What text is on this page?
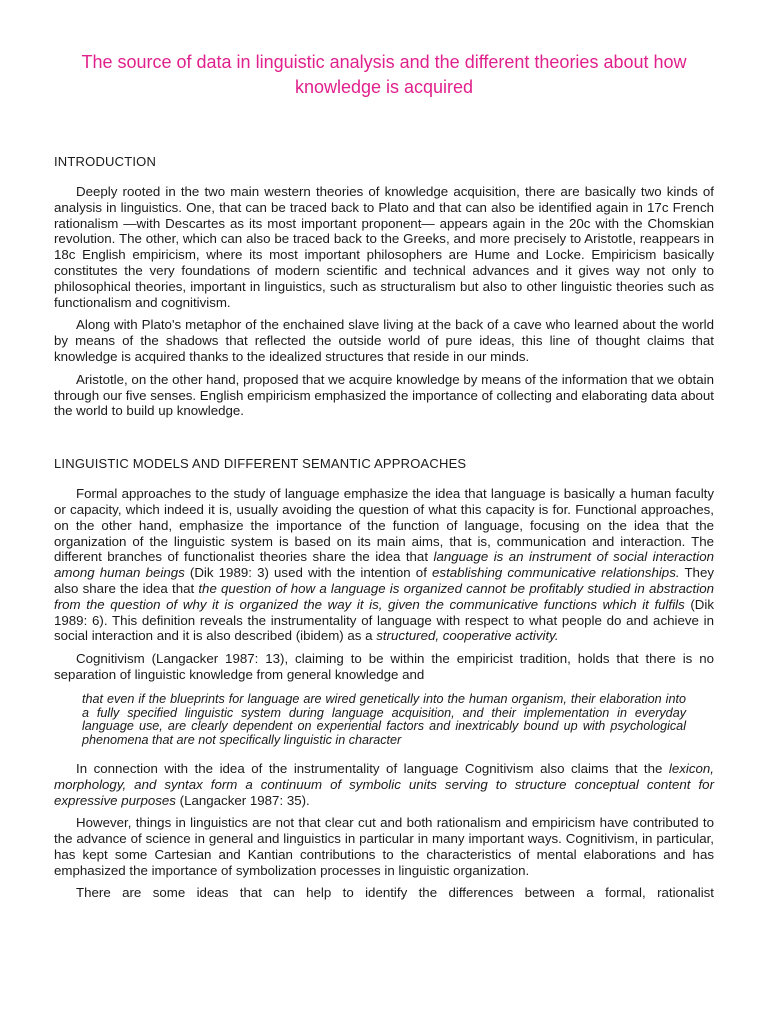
The source of data in linguistic analysis and the different theories about how knowledge is acquired
INTRODUCTION

Deeply rooted in the two main western theories of knowledge acquisition, there are basically two kinds of analysis in linguistics. One, that can be traced back to Plato and that can also be identified again in 17c French rationalism —with Descartes as its most important proponent— appears again in the 20c with the Chomskian revolution. The other, which can also be traced back to the Greeks, and more precisely to Aristotle, reappears in 18c English empiricism, where its most important philosophers are Hume and Locke. Empiricism basically constitutes the very foundations of modern scientific and technical advances and it gives way not only to philosophical theories, important in linguistics, such as structuralism but also to other linguistic theories such as functionalism and cognitivism.

Along with Plato's metaphor of the enchained slave living at the back of a cave who learned about the world by means of the shadows that reflected the outside world of pure ideas, this line of thought claims that knowledge is acquired thanks to the idealized structures that reside in our minds.

Aristotle, on the other hand, proposed that we acquire knowledge by means of the information that we obtain through our five senses. English empiricism emphasized the importance of collecting and elaborating data about the world to build up knowledge.

LINGUISTIC MODELS AND DIFFERENT SEMANTIC APPROACHES

Formal approaches to the study of language emphasize the idea that language is basically a human faculty or capacity, which indeed it is, usually avoiding the question of what this capacity is for. Functional approaches, on the other hand, emphasize the importance of the function of language, focusing on the idea that the organization of the linguistic system is based on its main aims, that is, communication and interaction. The different branches of functionalist theories share the idea that language is an instrument of social interaction among human beings (Dik 1989: 3) used with the intention of establishing communicative relationships. They also share the idea that the question of how a language is organized cannot be profitably studied in abstraction from the question of why it is organized the way it is, given the communicative functions which it fulfils (Dik 1989: 6). This definition reveals the instrumentality of language with respect to what people do and achieve in social interaction and it is also described (ibidem) as a structured, cooperative activity.

Cognitivism (Langacker 1987: 13), claiming to be within the empiricist tradition, holds that there is no separation of linguistic knowledge from general knowledge and

that even if the blueprints for language are wired genetically into the human organism, their elaboration into a fully specified linguistic system during language acquisition, and their implementation in everyday language use, are clearly dependent on experiential factors and inextricably bound up with psychological phenomena that are not specifically linguistic in character

In connection with the idea of the instrumentality of language Cognitivism also claims that the lexicon, morphology, and syntax form a continuum of symbolic units serving to structure conceptual content for expressive purposes (Langacker 1987: 35).

However, things in linguistics are not that clear cut and both rationalism and empiricism have contributed to the advance of science in general and linguistics in particular in many important ways. Cognitivism, in particular, has kept some Cartesian and Kantian contributions to the characteristics of mental elaborations and has emphasized the importance of symbolization processes in linguistic organization.

There are some ideas that can help to identify the differences between a formal, rationalist
